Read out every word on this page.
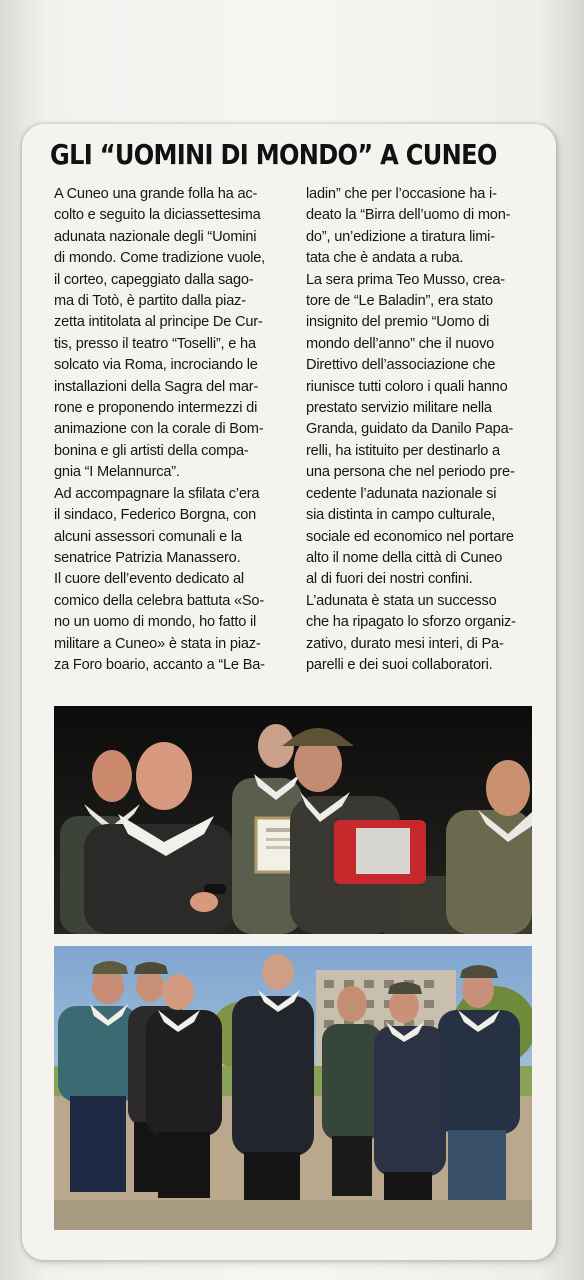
GLI “UOMINI DI MONDO” A CUNEO
A Cuneo una grande folla ha ac-
colto e seguito la diciassettesima
adunata nazionale degli “Uomini
di mondo. Come tradizione vuole,
il corteo, capeggiato dalla sago-
ma di Totò, è partito dalla piaz-
zetta intitolata al principe De Cur-
tis, presso il teatro “Toselli”, e ha
solcato via Roma, incrociando le
installazioni della Sagra del mar-
rone e proponendo intermezzi di
animazione con la corale di Bom-
bonina e gli artisti della compa-
gnia “I Melannurca”.
Ad accompagnare la sfilata c’era
il sindaco, Federico Borgna, con
alcuni assessori comunali e la
senatrice Patrizia Manassero.
Il cuore dell’evento dedicato al
comico della celebra battuta «So-
no un uomo di mondo, ho fatto il
militare a Cuneo» è stata in piaz-
za Foro boario, accanto a “Le Ba-
ladin” che per l’occasione ha i-
deato la “Birra dell’uomo di mon-
do”, un’edizione a tiratura limi-
tata che è andata a ruba.
La sera prima Teo Musso, crea-
tore de “Le Baladin”, era stato
insignito del premio “Uomo di
mondo dell’anno” che il nuovo
Direttivo dell’associazione che
riunisce tutti coloro i quali hanno
prestato servizio militare nella
Granda, guidato da Danilo Papa-
relli, ha istituito per destinarlo a
una persona che nel periodo pre-
cedente l’adunata nazionale si
sia distinta in campo culturale,
sociale ed economico nel portare
alto il nome della città di Cuneo
al di fuori dei nostri confini.
L’adunata è stata un successo
che ha ripagato lo sforzo organiz-
zativo, durato mesi interi, di Pa-
parelli e dei suoi collaboratori.
